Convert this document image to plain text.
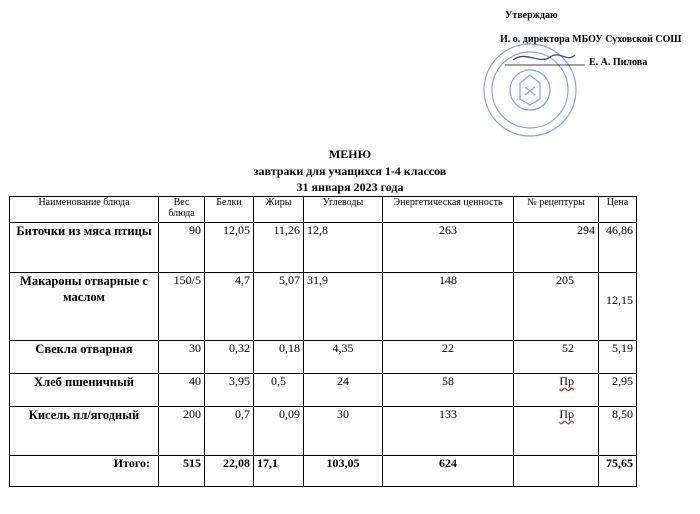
Утверждаю
И. о. директора МБОУ Суховской СОШ
Е. А. Пилова
МЕНЮ
завтраки для учащихся 1-4 классов
31 января 2023 года
Наименование блюда	Вес блюда	Белки	Жиры	Углеводы	Энергетическая ценность	№ рецептуры	Цена
Биточки из мяса птицы	90	12,05	11,26	12,8	263	294	46,86
Макароны отварные с маслом	150/5	4,7	5,07	31,9	148	205	12,15
Свекла отварная	30	0,32	0,18	4,35	22	52	5,19
Хлеб пшеничный	40	3,95	0,5	24	58	Пр	2,95
Кисель пл/ягодный	200	0,7	0,09	30	133	Пр	8,50
Итого:	515	22,08	17,1	103,05	624		75,65
